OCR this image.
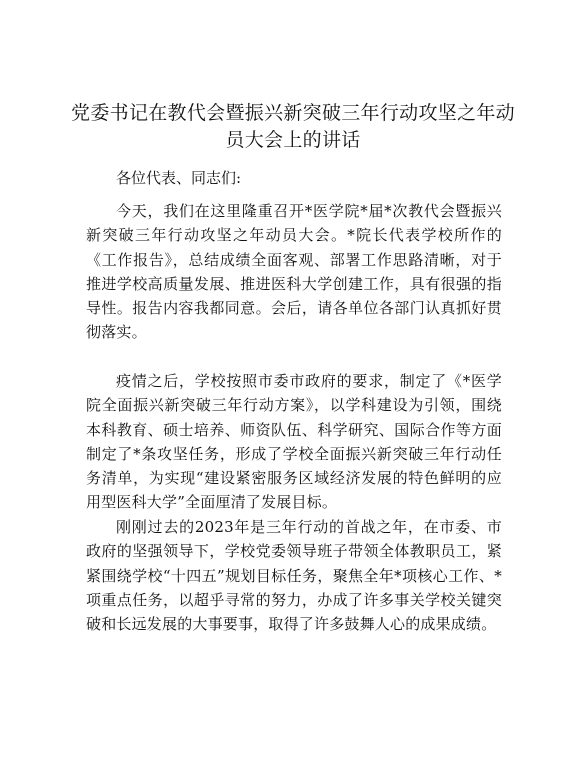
党委书记在教代会暨振兴新突破三年行动攻坚之年动员大会上的讲话

各位代表、同志们:

今天，我们在这里隆重召开*医学院*届*次教代会暨振兴新突破三年行动攻坚之年动员大会。*院长代表学校所作的《工作报告》，总结成绩全面客观、部署工作思路清晰，对于推进学校高质量发展、推进医科大学创建工作，具有很强的指导性。报告内容我都同意。会后，请各单位各部门认真抓好贯彻落实。

疫情之后，学校按照市委市政府的要求，制定了《*医学院全面振兴新突破三年行动方案》，以学科建设为引领，围绕本科教育、硕士培养、师资队伍、科学研究、国际合作等方面制定了*条攻坚任务，形成了学校全面振兴新突破三年行动任务清单，为实现“建设紧密服务区域经济发展的特色鲜明的应用型医科大学”全面厘清了发展目标。

刚刚过去的2023年是三年行动的首战之年，在市委、市政府的坚强领导下，学校党委领导班子带领全体教职员工，紧紧围绕学校“十四五”规划目标任务，聚焦全年*项核心工作、*项重点任务，以超乎寻常的努力，办成了许多事关学校关键突破和长远发展的大事要事，取得了许多鼓舞人心的成果成绩。
